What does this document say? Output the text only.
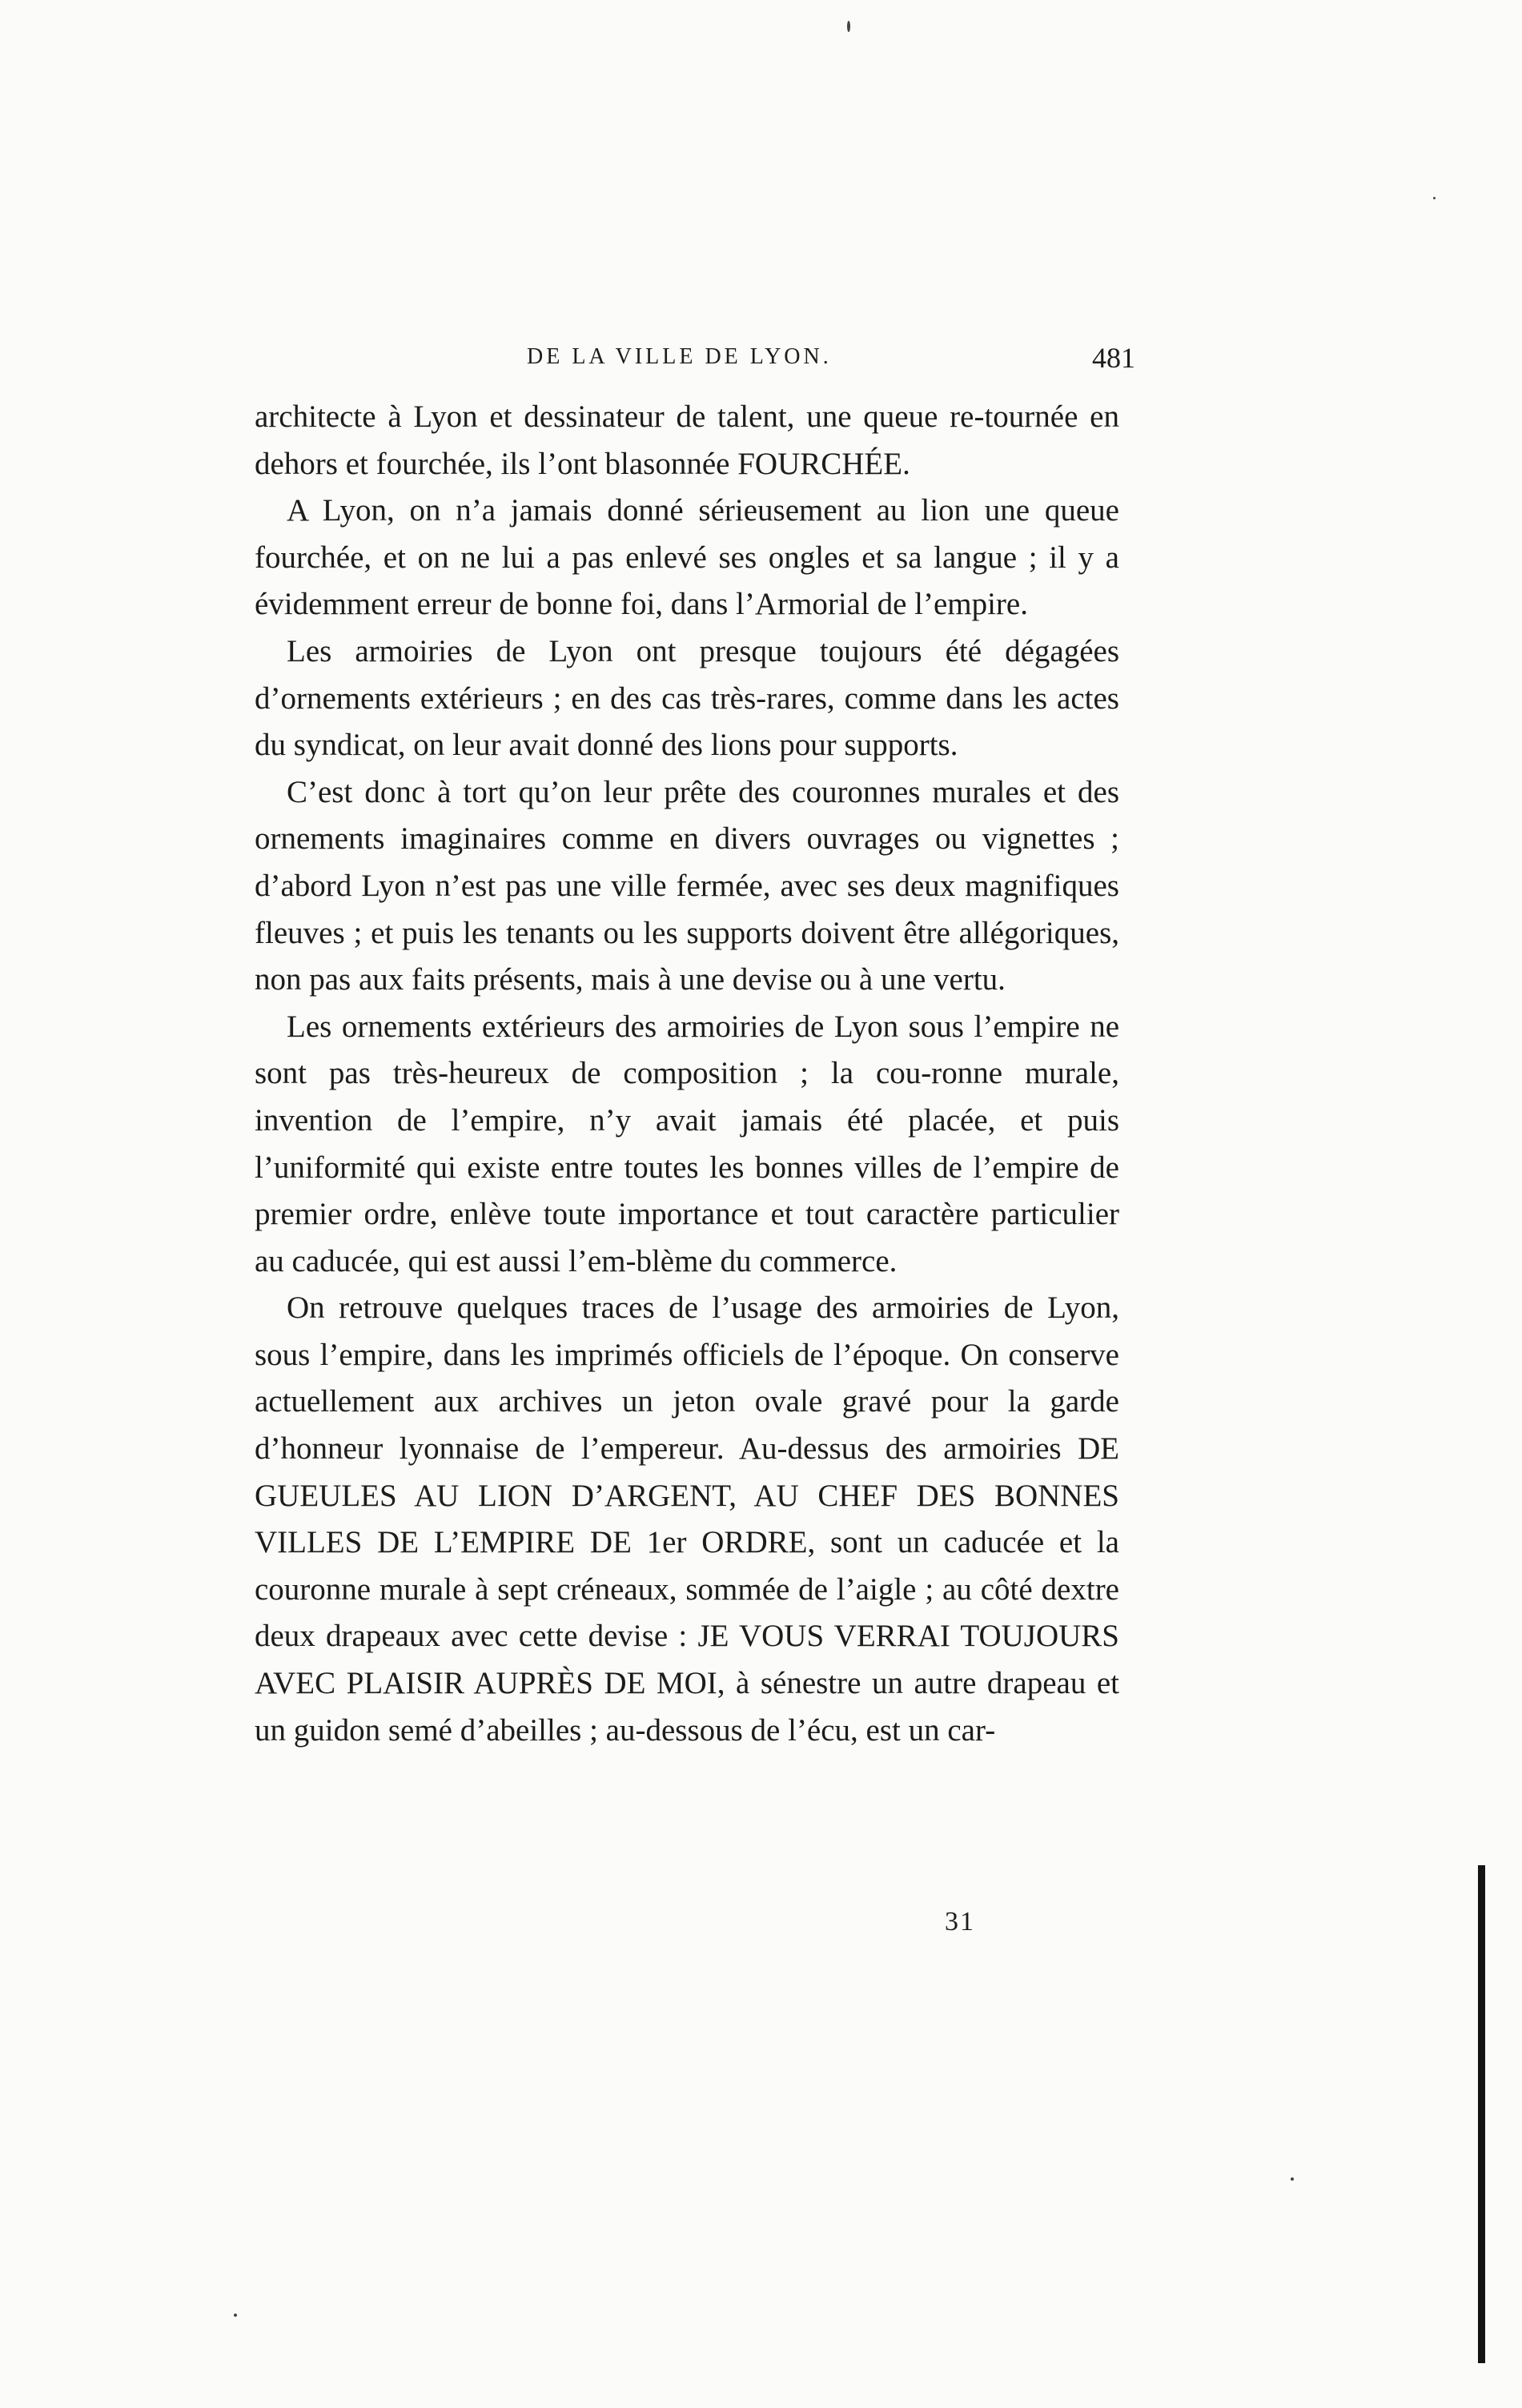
DE LA VILLE DE LYON.	481

architecte à Lyon et dessinateur de talent, une queue re-tournée en dehors et fourchée, ils l’ont blasonnée FOURCHÉE.

A Lyon, on n’a jamais donné sérieusement au lion une queue fourchée, et on ne lui a pas enlevé ses ongles et sa langue ; il y a évidemment erreur de bonne foi, dans l’Armorial de l’empire.

Les armoiries de Lyon ont presque toujours été dégagées d’ornements extérieurs ; en des cas très-rares, comme dans les actes du syndicat, on leur avait donné des lions pour supports.

C’est donc à tort qu’on leur prête des couronnes murales et des ornements imaginaires comme en divers ouvrages ou vignettes ; d’abord Lyon n’est pas une ville fermée, avec ses deux magnifiques fleuves ; et puis les tenants ou les supports doivent être allégoriques, non pas aux faits présents, mais à une devise ou à une vertu.

Les ornements extérieurs des armoiries de Lyon sous l’empire ne sont pas très-heureux de composition ; la cou-ronne murale, invention de l’empire, n’y avait jamais été placée, et puis l’uniformité qui existe entre toutes les bonnes villes de l’empire de premier ordre, enlève toute importance et tout caractère particulier au caducée, qui est aussi l’em-blème du commerce.

On retrouve quelques traces de l’usage des armoiries de Lyon, sous l’empire, dans les imprimés officiels de l’époque. On conserve actuellement aux archives un jeton ovale gravé pour la garde d’honneur lyonnaise de l’empereur. Au-dessus des armoiries DE GUEULES AU LION D’ARGENT, AU CHEF DES BONNES VILLES DE L’EMPIRE DE 1er ORDRE, sont un caducée et la couronne murale à sept créneaux, sommée de l’aigle ; au côté dextre deux drapeaux avec cette devise : JE VOUS VERRAI TOUJOURS AVEC PLAISIR AUPRÈS DE MOI, à sénestre un autre drapeau et un guidon semé d’abeilles ; au-dessous de l’écu, est un car-

31
